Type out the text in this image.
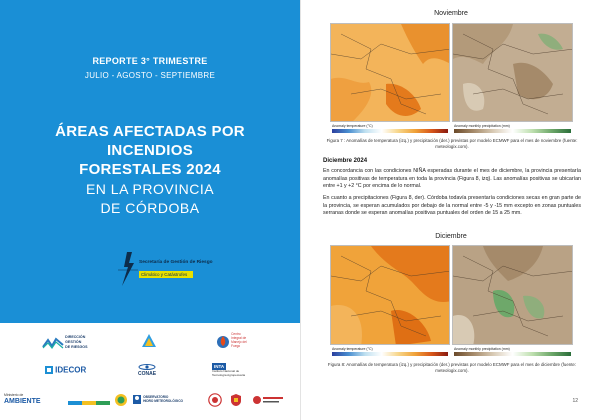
REPORTE 3° TRIMESTRE
JULIO - AGOSTO - SEPTIEMBRE
ÁREAS AFECTADAS POR
INCENDIOS
FORESTALES 2024
EN LA PROVINCIA
DE CÓRDOBA
Secretaría de Gestión de Riesgo
Climático y Catástrofes

DIRECCIÓN
GESTIÓN
DE RIESGOS

Centro
Integral de
Manejo del
Fuego
IDECOR	CONAE
INTA
Instituto Nacional de
Tecnología Agropecuaria
Ministerio de
AMBIENTE

OBSERVATORIO
HIDRO METEOROLÓGICO
Noviembre
Anomaly temperature (°C)	Anomaly monthly precipitation (mm)
Figura 7 : Anomalías de temperatura (izq.) y precipitación (der.) previstas por modelo ECMWF para el mes de noviembre (fuente: meteologix.com).
Diciembre 2024
En concordancia con las condiciones NIÑA esperadas durante el mes de diciembre, la provincia presentaría anomalías positivas de temperatura en toda la provincia (Figura 8, izq). Las anomalías positivas se ubicarían entre +1 y +2 °C por encima de lo normal.
En cuanto a precipitaciones (Figura 8, der). Córdoba todavía presentaría condiciones secas en gran parte de la provincia, se esperan acumulados por debajo de la normal entre -5 y -15 mm excepto en zonas puntuales serranas donde se esperan anomalías positivas puntuales del orden de 15 a 25 mm.
Diciembre
Anomaly temperature (°C)	Anomaly monthly precipitation (mm)
Figura 8: Anomalías de temperatura (izq.) y precipitación (der.) previstas por modelo ECMWF para el mes de diciembre (fuente: meteologix.com).
12
